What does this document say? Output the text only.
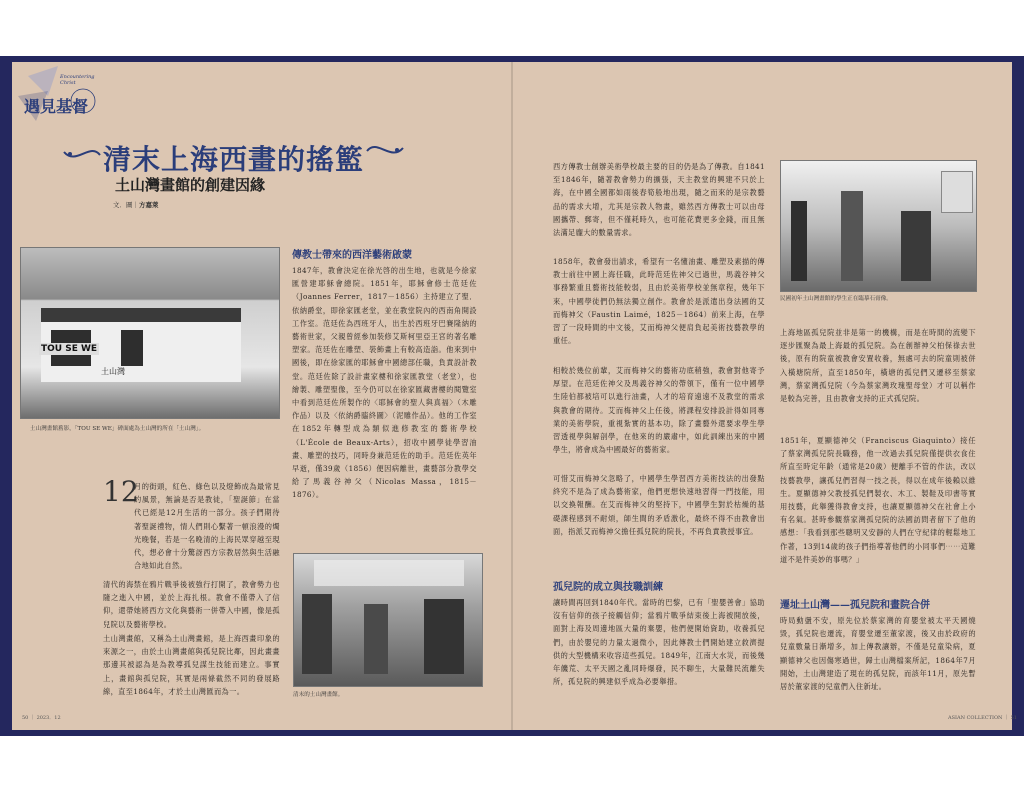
遇見基督
Encountering Christ
清末上海西畫的搖籃
土山灣畫館的創建因緣

文．圖｜方嘉萊

TOU SE WE
土山灣

土山灣畫館舊影，「TOU SE WE」碑面處為土山灣的所在「土山灣」。

12

月的街頭，紅色、綠色以及燈飾成為最常見的風景，無論是否是教徒，「聖誕節」在當代已經是12月生活的一部分。孩子們期待著聖誕禮物，情人們則心繫著一頓浪漫的燭光晚餐，若是一名晚清的上海民眾穿越至現代，想必會十分驚訝西方宗教居然與生活融合地如此自然。

清代的海禁在鴉片戰爭後被強行打開了，教會勢力也隨之進入中國，並於上海扎根。教會不僅帶入了信仰，還帶她將西方文化與藝術一併帶入中國，像是孤兒院以及藝術學校。

土山灣畫館，又稱為土山灣畫館，是上海西畫印象的來源之一，由於土山灣畫館與孤兒院比鄰，因此畫畫那邊其被認為是為教導孤兒謀生技能而建立。事實上，畫館與孤兒院，其實是兩條截然不同的發展路線，直至1864年，才於土山灣匯而為一。

傳教士帶來的西洋藝術啟蒙

1847年，教會決定在徐光啓的出生地，也就是今徐家匯營建耶穌會總院。1851年，耶穌會修士范廷佐（Joannes Ferrer，1817－1856）主持建立了聖．依納爵堂，即徐家匯老堂，並在教堂院內的西南角開設工作室。范廷佐為西班牙人，出生於西班牙巴賽隆納的藝術世家，父親曾經參加裝修艾斯柯里亞王宮的著名雕塑家。范廷佐在雕塑、裝飾畫上有較高造詣。他來到中國後，即在徐家匯的耶穌會中國總部任職，負責設計教堂。范廷佐除了設計畫家樓和徐家匯教堂（老堂），也繪製、雕塑聖像，至今仍可以在徐家匯藏書樓的閱覽室中看到范廷佐所製作的〈耶穌會的聖人與真福〉（木雕作品）以及〈依納爵臨終圖〉（泥雕作品）。他的工作室在1852年轉型成為類似進修教室的藝術學校（L'École de Beaux-Arts），招收中國學徒學習油畫、雕塑的技巧，同時身兼范廷佐的助手。范廷佐英年早逝，僅39歲（1856）便因病離世，畫藝部分教學交給了馬義谷神父（Nicolas Massa，1815－1876）。

清末的土山灣畫館。

西方傳教士創辦美術學校最主要的目的仍是為了傳教。自1841至1846年，隨著教會勢力的擴張，天主教堂的興建不只於上海，在中國全國都如雨後春筍般地出現，隨之而來的是宗教藝品的需求大增，尤其是宗教人物畫，雖然西方傳教士可以由母國攜帶、郵寄，但不僅耗時久，也可能花費更多金錢，而且無法滿足龐大的數量需求。

1858年，教會發出請求，希望有一名懂油畫、雕塑及素描的傳教士前往中國上海任職，此時范廷佐神父已過世，馬義谷神父事務繁重且藝術技能較弱，且由於美術學校並無章程，幾年下來，中國學徒們仍無法獨立創作。教會於是派遣出身法國的艾而梅神父（Faustin Laimé，1825－1864）前來上海，在學習了一段時間的中文後，艾而梅神父便肩負起美術技藝教學的重任。

相較於幾位前輩，艾而梅神父的藝術功底稍強，教會對他寄予厚望。在范廷佐神父及馬義谷神父的帶領下，僅有一位中國學生陸伯都被培可以進行油畫，人才的培育遠遠不及教堂的需求與教會的期待。艾而梅神父上任後，將課程安排設計得如同專業的美術學院，重視紮實的基本功，除了畫藝外還要求學生學習透視學與解剖學，在他來的的嚴肅中，如此訓練出來的中國學生，將會成為中國最好的藝術家。

可惜艾而梅神父忽略了，中國學生學習西方美術技法的出發點終究不是為了成為藝術家，他們更想快速地習得一門技能，用以交換報酬。在艾而梅神父的堅持下，中國學生對於枯燥的基礎課程感到不耐煩，師生間的矛盾激化，最終不得不由教會出面，指派艾而梅神父擔任孤兒院的院長，不再負責教授事宜。

孤兒院的成立與技職訓練

讓時間再回到1840年代。當時的巴黎，已有「聖嬰善會」協助沒有信仰的孩子接觸信仰；當鴉片戰爭結束後上海被開放後，面對上海及周邊地區大量的棄嬰，他們便開始資助，收養孤兒們，由於嬰兒的力量太過微小，因此傳教士們開始建立救濟提供的大型機構來收容這些孤兒。1849年，江南大水災，而後幾年饑荒、太平天國之亂同時爆發，民不聊生，大量難民流離失所，孤兒院的興建似乎成為必要舉措。

民國初年土山灣畫館的學生正在臨摹石膏像。

上海地區孤兒院並非是第一的機構，而是在時間的流變下逐步匯聚為最上海最的孤兒院。為在創辦神父柏保祿去世後，原有的院童被教會安置收養，無處可去的院童則被併入橫塘院所，直至1850年，橫塘的孤兒們又遷移至蔡家灣，蔡家灣孤兒院（今為蔡家灣玫瑰聖母堂）才可以稱作是較為完善，且由教會支持的正式孤兒院。

1851年，夏顯德神父（Franciscus Giaquinto）接任了蔡家灣孤兒院長職務，他一改過去孤兒院僅提供衣食住所直至時定年齡（通常是20歲）便離手不管的作法，改以技藝教學，讓孤兒們習得一技之長，得以在成年後賴以維生。夏顯德神父教授孤兒們製衣、木工、製鞋及印書等實用技藝，此舉獲得教會支持，也讓夏顯德神父在社會上小有名氣。甚時參觀蔡家灣孤兒院的法國訪問者留下了他的感想：「我看到那些聰明又安靜的人們在守紀律的輕鬆地工作著，13到14歲的孩子們指導著他們的小同事們⋯⋯這難道不是件美妙的事嗎？」

遷址土山灣——孤兒院和畫院合併

時局動盪不安，原先位於蔡家灣的育嬰堂被太平天國燒毀，孤兒院也遷流，育嬰堂遷至董家渡，後又由於政府的兒童數量日漸增多，加上傳教讓辦，不僅是兒童染病，夏顯德神父也因傷寒過世，歸土山灣檔案所記，1864年7月開始，土山灣建造了現在的孤兒院，而該年11月，原先暫居於董家渡的兒童們入住新址。

50 ｜ 2023．12	ASIAN COLLECTION ｜ 51
